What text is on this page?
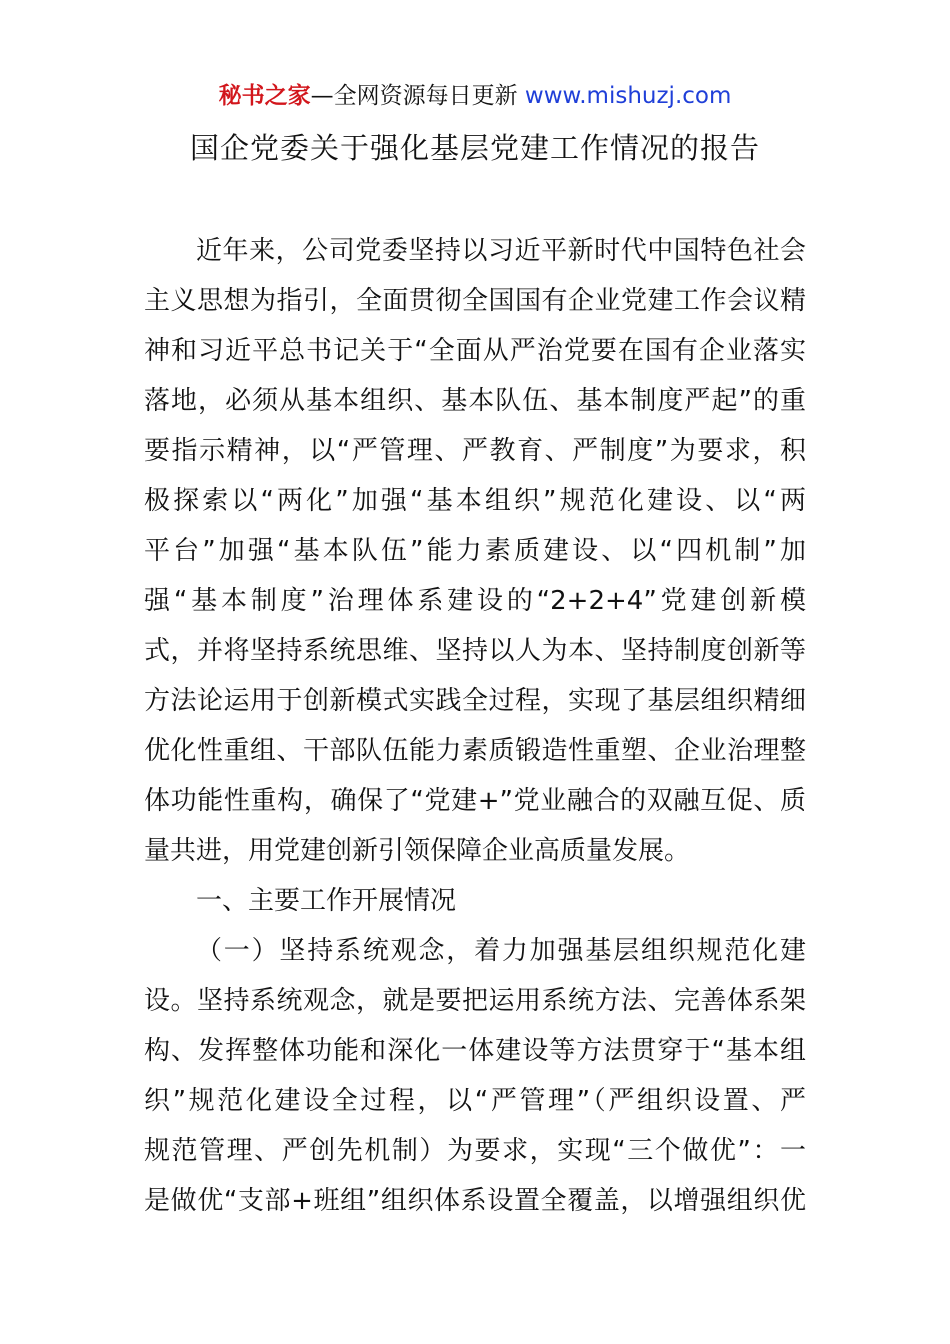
秘书之家—全网资源每日更新 www.mishuzj.com
国企党委关于强化基层党建工作情况的报告
近年来，公司党委坚持以习近平新时代中国特色社会
主义思想为指引，全面贯彻全国国有企业党建工作会议精
神和习近平总书记关于“全面从严治党要在国有企业落实
落地，必须从基本组织、基本队伍、基本制度严起”的重
要指示精神，以“严管理、严教育、严制度”为要求，积
极探索以“两化”加强“基本组织”规范化建设、以“两
平台”加强“基本队伍”能力素质建设、以“四机制”加
强“基本制度”治理体系建设的“2+2+4”党建创新模
式，并将坚持系统思维、坚持以人为本、坚持制度创新等
方法论运用于创新模式实践全过程，实现了基层组织精细
优化性重组、干部队伍能力素质锻造性重塑、企业治理整
体功能性重构，确保了“党建+”党业融合的双融互促、质
量共进，用党建创新引领保障企业高质量发展。
一、主要工作开展情况
（一）坚持系统观念，着力加强基层组织规范化建
设。坚持系统观念，就是要把运用系统方法、完善体系架
构、发挥整体功能和深化一体建设等方法贯穿于“基本组
织”规范化建设全过程，以“严管理”（严组织设置、严
规范管理、严创先机制）为要求，实现“三个做优”：一
是做优“支部+班组”组织体系设置全覆盖，以增强组织优
